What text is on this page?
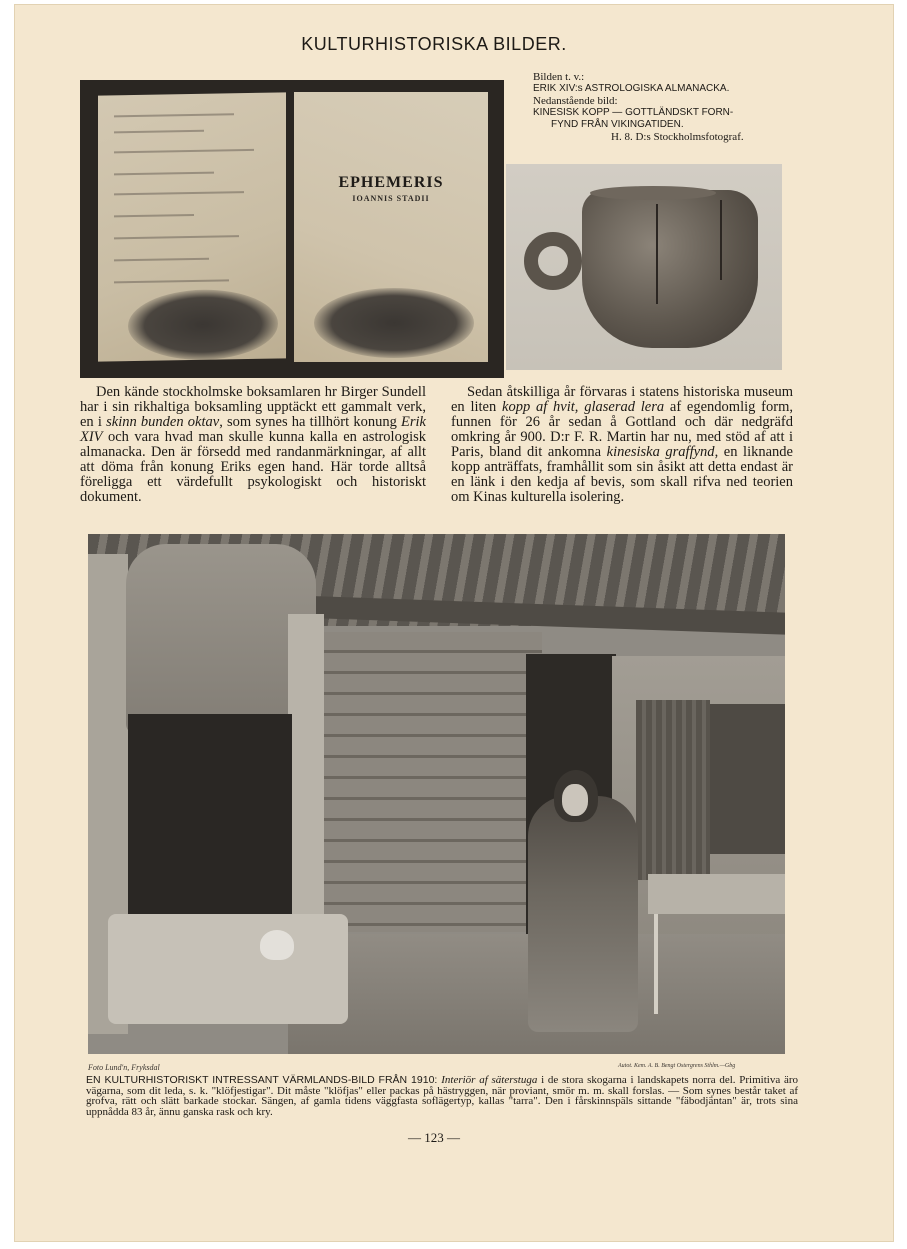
KULTURHISTORISKA BILDER.
EPHEMERIS
IOANNIS STADII
Bilden t. v.:
ERIK XIV:s ASTROLOGISKA ALMANACKA.
Nedanstående bild:
KINESISK KOPP — GOTTLÄNDSKT FORN-
FYND FRÅN VIKINGATIDEN.
H. 8. D:s Stockholmsfotograf.

Den kände stockholmske boksamlaren hr Birger Sundell har i sin rikhaltiga boksamling upptäckt ett gammalt verk, en i skinn bunden oktav, som synes ha tillhört konung Erik XIV och vara hvad man skulle kunna kalla en astrologisk almanacka. Den är försedd med randanmärkningar, af allt att döma från konung Eriks egen hand. Här torde alltså föreligga ett värdefullt psykologiskt och historiskt dokument.

Sedan åtskilliga år förvaras i statens historiska museum en liten kopp af hvit, glaserad lera af egendomlig form, funnen för 26 år sedan å Gottland och där nedgräfd omkring år 900. D:r F. R. Martin har nu, med stöd af att i Paris, bland dit ankomna kinesiska graffynd, en liknande kopp anträffats, framhållit som sin åsikt att detta endast är en länk i den kedja af bevis, som skall rifva ned teorien om Kinas kulturella isolering.

Foto Lund'n, Fryksdal	Autot. Kem. A. B. Bengt Ostergrens Sthlm.—Gbg
EN KULTURHISTORISKT INTRESSANT VÄRMLANDS-BILD FRÅN 1910: Interiör af säterstuga i de stora skogarna i landskapets norra del. Primitiva äro vägarna, som dit leda, s. k. "klöfjestigar". Dit måste "klöfjas" eller packas på hästryggen, när proviant, smör m. m. skall forslas. — Som synes består taket af grofva, rätt och slätt barkade stockar. Sängen, af gamla tidens väggfasta soflägertyp, kallas "tarra". Den i fårskinnspäls sittande "fäbodjäntan" är, trots sina uppnådda 83 år, ännu ganska rask och kry.
— 123 —
